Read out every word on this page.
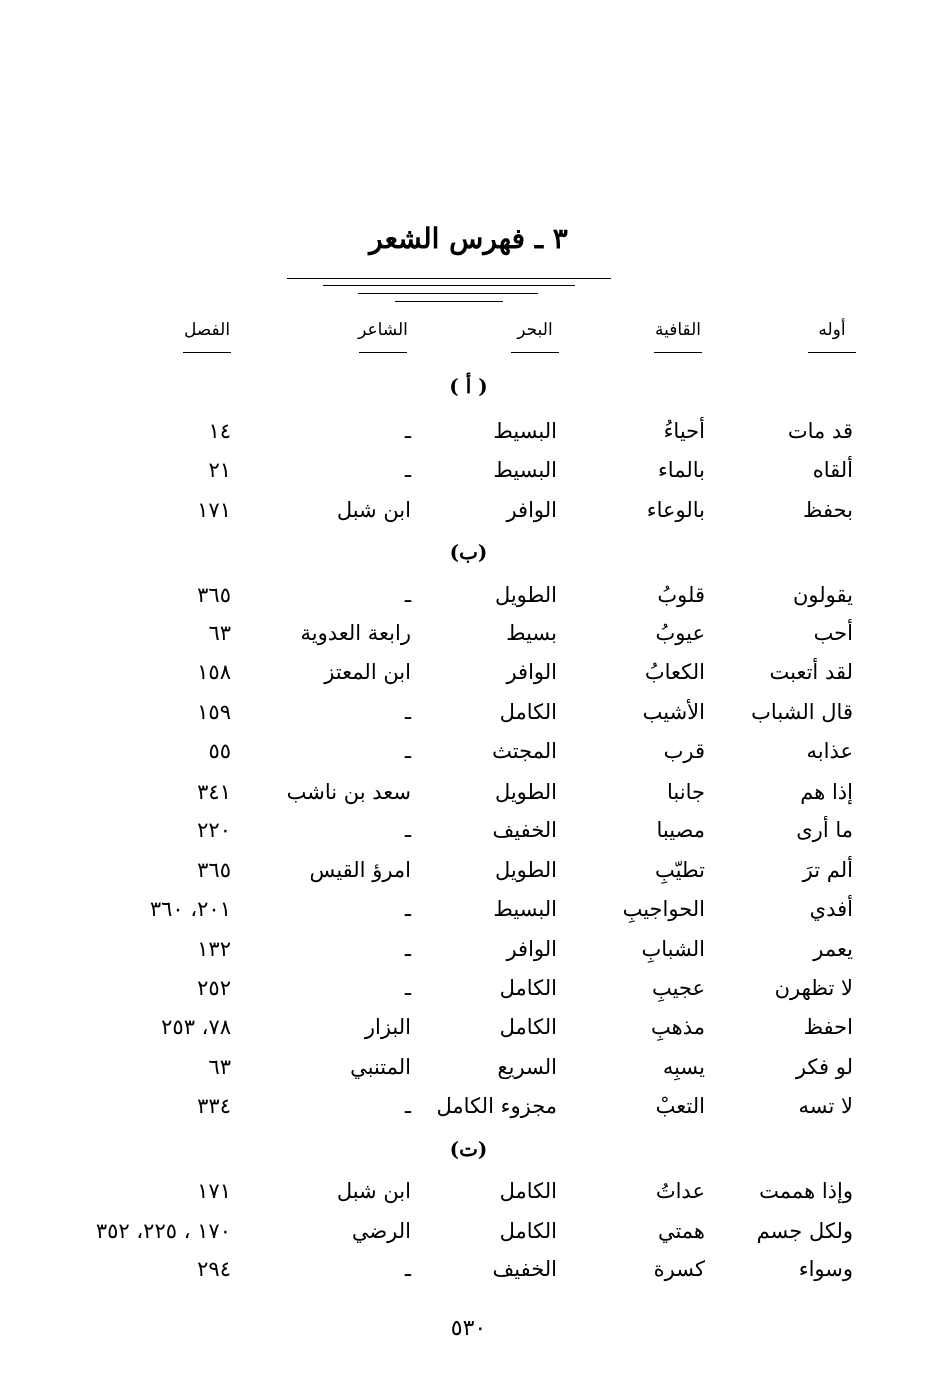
٣ ـ فهرس الشعر
أوله
القافية
البحر
الشاعر
الفصل
( أ )
قد مات
أحياءُ
البسيط
ـ
١٤
ألقاه
بالماء
البسيط
ـ
٢١
بحفظ
بالوعاء
الوافر
ابن شبل
١٧١
(ب)
يقولون
قلوبُ
الطويل
ـ
٣٦٥
أحب
عيوبُ
بسيط
رابعة العدوية
٦٣
لقد أتعبت
الكعابُ
الوافر
ابن المعتز
١٥٨
قال الشباب
الأشيب
الكامل
ـ
١٥٩
عذابه
قرب
المجتث
ـ
٥٥
إذا هم
جانبا
الطويل
سعد بن ناشب
٣٤١
ما أرى
مصيبا
الخفيف
ـ
٢٢٠
ألم ترَ
تطيّبِ
الطويل
امرؤ القيس
٣٦٥
أفدي
الحواجيبِ
البسيط
ـ
٢٠١، ٣٦٠
يعمر
الشبابِ
الوافر
ـ
١٣٢
لا تظهرن
عجيبِ
الكامل
ـ
٢٥٢
احفظ
مذهبِ
الكامل
البزار
٧٨، ٢٥٣
لو فكر
يسبِه
السريع
المتنبي
٦٣
لا تسه
التعبْ
مجزوء الكامل
ـ
٣٣٤
(ت)
وإذا هممت
عداتُ
الكامل
ابن شبل
١٧١
ولكل جسم
همتي
الكامل
الرضي
١٧٠ ، ٢٢٥، ٣٥٢
وسواء
كسرة
الخفيف
ـ
٢٩٤
٥٣٠
